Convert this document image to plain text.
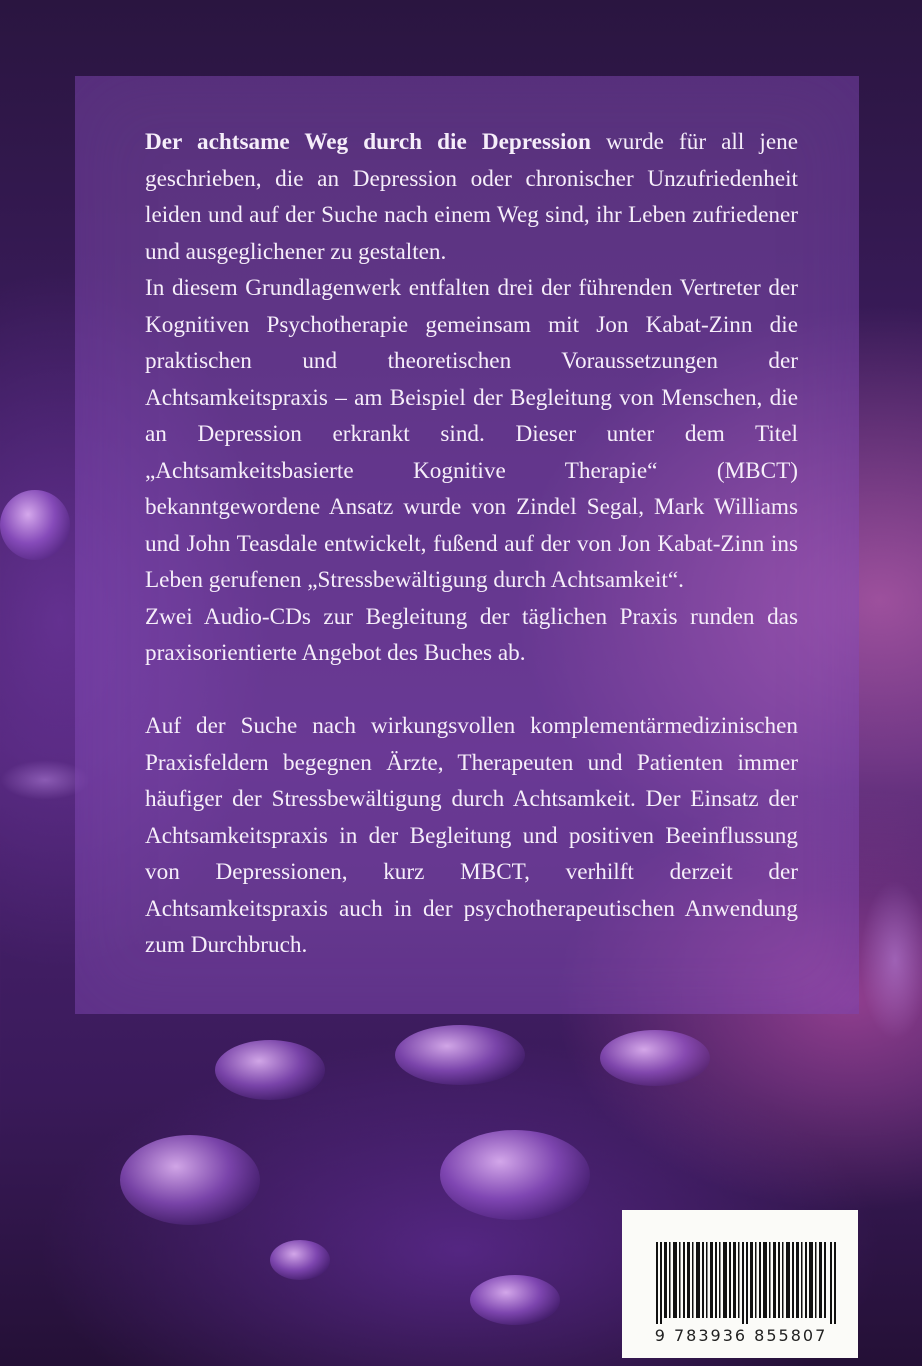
Der achtsame Weg durch die Depression wurde für all jene geschrieben, die an Depression oder chronischer Unzufriedenheit leiden und auf der Suche nach einem Weg sind, ihr Leben zufriedener und ausgeglichener zu gestalten.

In diesem Grundlagenwerk entfalten drei der führenden Vertreter der Kognitiven Psychotherapie gemeinsam mit Jon Kabat-Zinn die praktischen und theoretischen Voraussetzungen der Achtsamkeitspraxis – am Beispiel der Begleitung von Menschen, die an Depression erkrankt sind. Dieser unter dem Titel „Achtsamkeitsbasierte Kognitive Therapie“ (MBCT) bekanntgewordene Ansatz wurde von Zindel Segal, Mark Williams und John Teasdale entwickelt, fußend auf der von Jon Kabat-Zinn ins Leben gerufenen „Stressbewältigung durch Achtsamkeit“.

Zwei Audio-CDs zur Begleitung der täglichen Praxis runden das praxisorientierte Angebot des Buches ab.

Auf der Suche nach wirkungsvollen komplementärmedizinischen Praxisfeldern begegnen Ärzte, Therapeuten und Patienten immer häufiger der Stressbewältigung durch Achtsamkeit. Der Einsatz der Achtsamkeitspraxis in der Begleitung und positiven Beeinflussung von Depressionen, kurz MBCT, verhilft derzeit der Achtsamkeitspraxis auch in der psychotherapeutischen Anwendung zum Durchbruch.

9 783936 855807
